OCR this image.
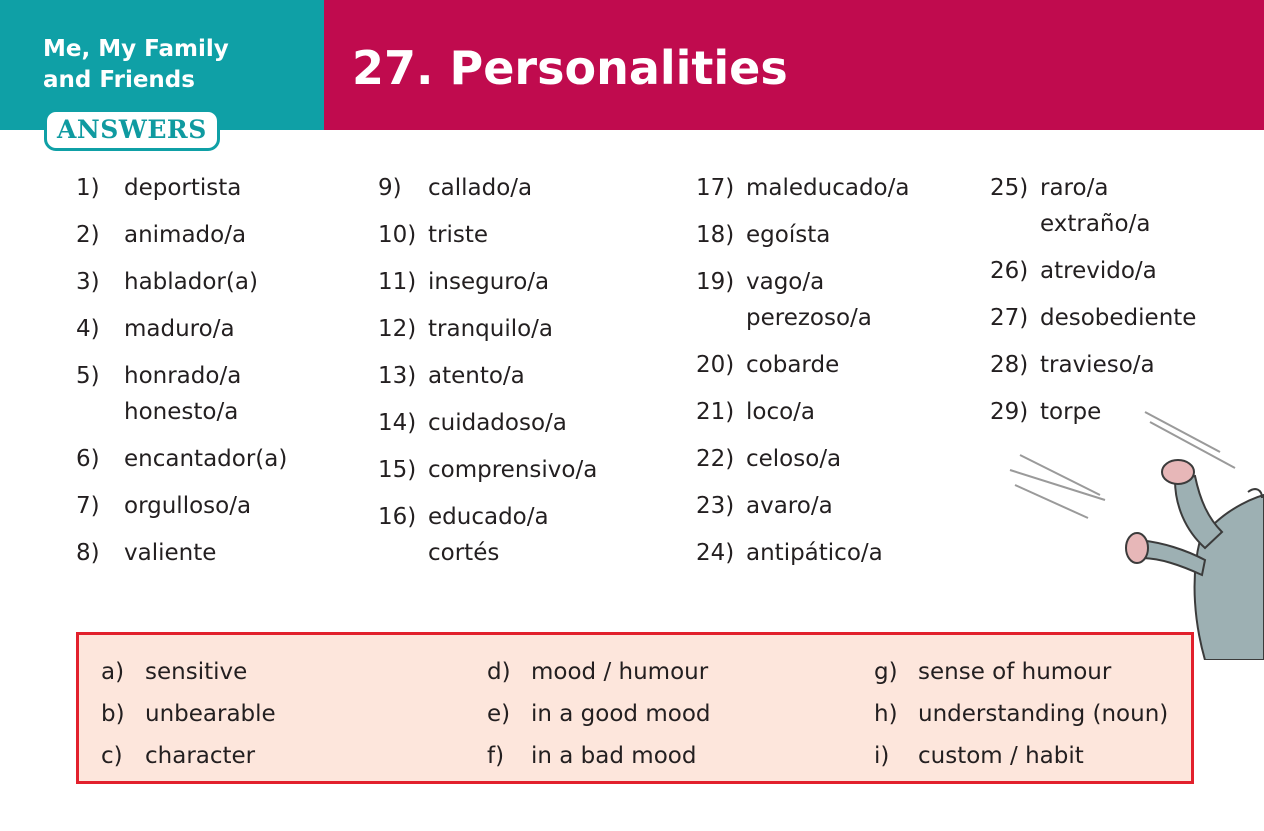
Me, My Family
and Friends
ANSWERS
27. Personalities
1)	deportista
2)	animado/a
3)	hablador(a)
4)	maduro/a
5)	honrado/a
honesto/a
6)	encantador(a)
7)	orgulloso/a
8)	valiente
9)	callado/a
10) triste
11) inseguro/a
12) tranquilo/a
13) atento/a
14) cuidadoso/a
15) comprensivo/a
16) educado/a
cortés
17) maleducado/a
18) egoísta
19) vago/a
perezoso/a
20) cobarde
21) loco/a
22) celoso/a
23) avaro/a
24) antipático/a
25) raro/a
extraño/a
26) atrevido/a
27) desobediente
28) travieso/a
29) torpe
a) sensitive
b) unbearable
c) character
d) mood / humour
e) in a good mood
f)	in a bad mood
g) sense of humour
h) understanding (noun)
i)	custom / habit
